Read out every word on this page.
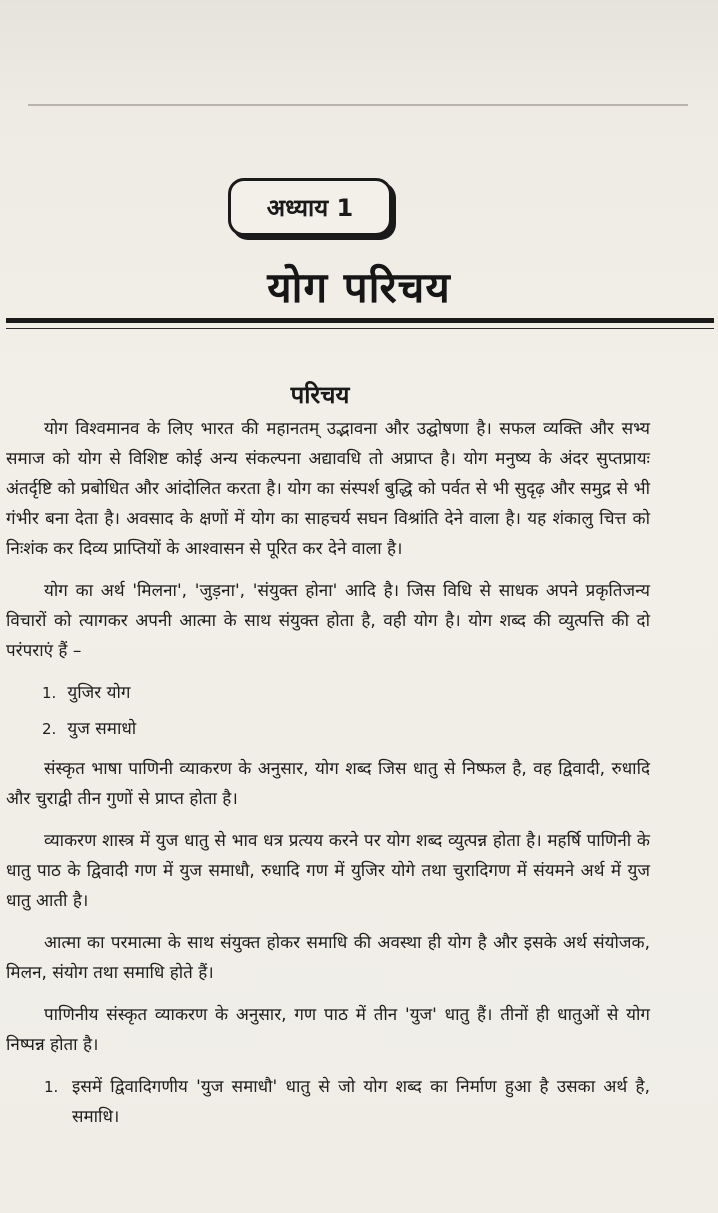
अध्याय 1
योग परिचय
परिचय

योग विश्वमानव के लिए भारत की महानतम् उद्भावना और उद्घोषणा है। सफल व्यक्ति और सभ्य समाज को योग से विशिष्ट कोई अन्य संकल्पना अद्यावधि तो अप्राप्त है। योग मनुष्य के अंदर सुप्तप्रायः अंतर्दृष्टि को प्रबोधित और आंदोलित करता है। योग का संस्पर्श बुद्धि को पर्वत से भी सुदृढ़ और समुद्र से भी गंभीर बना देता है। अवसाद के क्षणों में योग का साहचर्य सघन विश्रांति देने वाला है। यह शंकालु चित्त को निःशंक कर दिव्य प्राप्तियों के आश्वासन से पूरित कर देने वाला है।

योग का अर्थ 'मिलना', 'जुड़ना', 'संयुक्त होना' आदि है। जिस विधि से साधक अपने प्रकृतिजन्य विचारों को त्यागकर अपनी आत्मा के साथ संयुक्त होता है, वही योग है। योग शब्द की व्युत्पत्ति की दो परंपराएं हैं –

1. युजिर योग
2. युज समाधो

संस्कृत भाषा पाणिनी व्याकरण के अनुसार, योग शब्द जिस धातु से निष्फल है, वह द्विवादी, रुधादि और चुराद्वी तीन गुणों से प्राप्त होता है।

व्याकरण शास्त्र में युज धातु से भाव धत्र प्रत्यय करने पर योग शब्द व्युत्पन्न होता है। महर्षि पाणिनी के धातु पाठ के द्विवादी गण में युज समाधौ, रुधादि गण में युजिर योगे तथा चुरादिगण में संयमने अर्थ में युज धातु आती है।

आत्मा का परमात्मा के साथ संयुक्त होकर समाधि की अवस्था ही योग है और इसके अर्थ संयोजक, मिलन, संयोग तथा समाधि होते हैं।

पाणिनीय संस्कृत व्याकरण के अनुसार, गण पाठ में तीन 'युज' धातु हैं। तीनों ही धातुओं से योग निष्पन्न होता है।

1. इसमें द्विवादिगणीय 'युज समाधौ' धातु से जो योग शब्द का निर्माण हुआ है उसका अर्थ है, समाधि।
